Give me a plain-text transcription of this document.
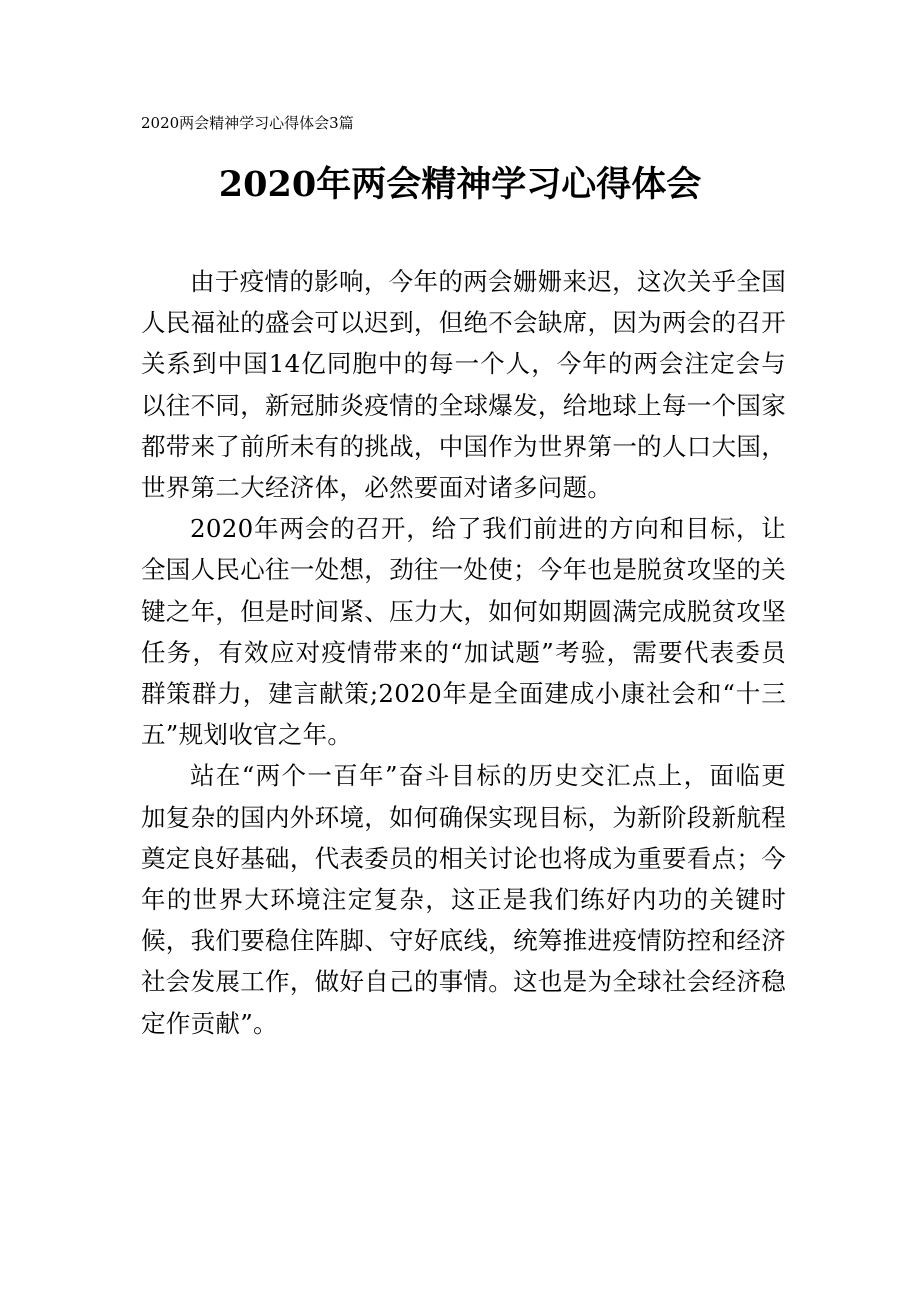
2020两会精神学习心得体会3篇
2020年两会精神学习心得体会

由于疫情的影响，今年的两会姗姗来迟，这次关乎全国人民福祉的盛会可以迟到，但绝不会缺席，因为两会的召开关系到中国14亿同胞中的每一个人，今年的两会注定会与以往不同，新冠肺炎疫情的全球爆发，给地球上每一个国家都带来了前所未有的挑战，中国作为世界第一的人口大国，世界第二大经济体，必然要面对诸多问题。

2020年两会的召开，给了我们前进的方向和目标，让全国人民心往一处想，劲往一处使；今年也是脱贫攻坚的关键之年，但是时间紧、压力大，如何如期圆满完成脱贫攻坚任务，有效应对疫情带来的“加试题”考验，需要代表委员群策群力，建言献策;2020年是全面建成小康社会和“十三五”规划收官之年。

站在“两个一百年”奋斗目标的历史交汇点上，面临更加复杂的国内外环境，如何确保实现目标，为新阶段新航程奠定良好基础，代表委员的相关讨论也将成为重要看点；今年的世界大环境注定复杂，这正是我们练好内功的关键时候，我们要稳住阵脚、守好底线，统筹推进疫情防控和经济社会发展工作，做好自己的事情。这也是为全球社会经济稳定作贡献”。
